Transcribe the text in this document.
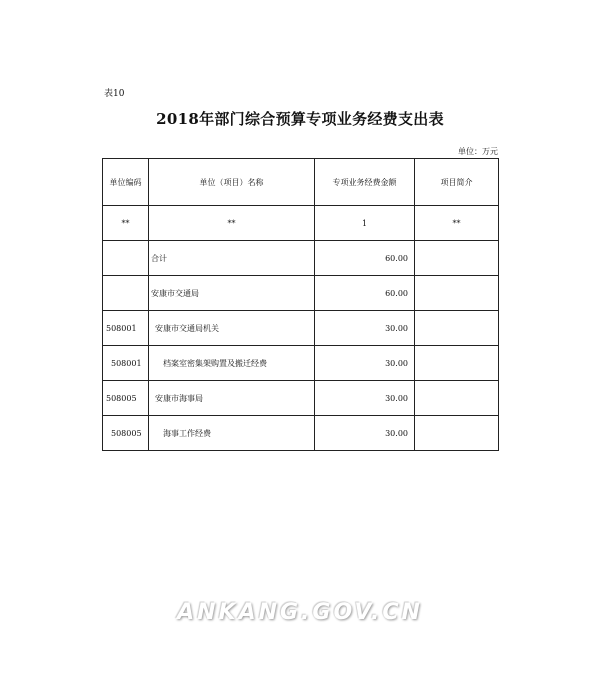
表10
2018年部门综合预算专项业务经费支出表
单位：万元
单位编码	单位（项目）名称	专项业务经费金额	项目简介
**	**	1	**
	合计	60.00	
	安康市交通局	60.00	
508001	安康市交通局机关	30.00	
508001	档案室密集架购置及搬迁经费	30.00	
508005	安康市海事局	30.00	
508005	海事工作经费	30.00	
ANKANG.GOV.CN
